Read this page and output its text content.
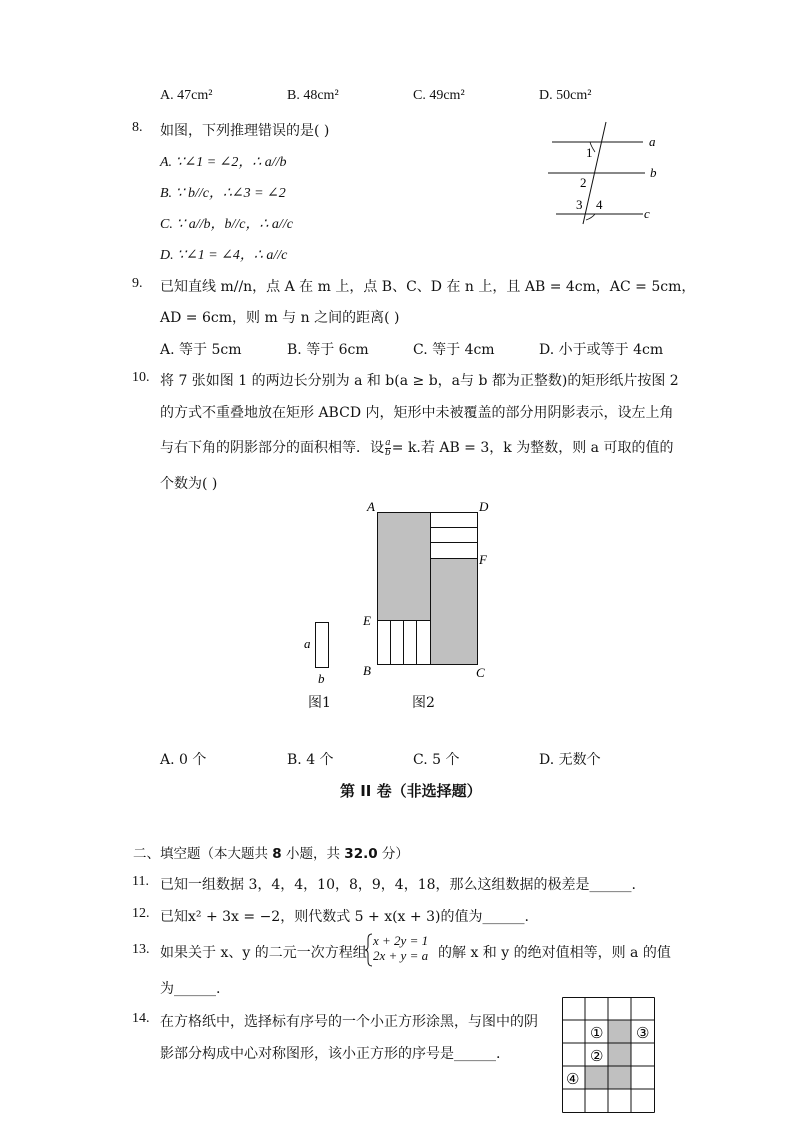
A. 47cm²	B. 48cm²	C. 49cm²	D. 50cm²
8. 如图，下列推理错误的是( )
A. ∵∠1 = ∠2，∴ a//b
B. ∵ b//c，∴∠3 = ∠2
C. ∵ a//b，b//c，∴ a//c
D. ∵∠1 = ∠4，∴ a//c
a
b
c
1
2
3 4
9. 已知直线 m//n，点 A 在 m 上，点 B、C、D 在 n 上，且 AB = 4cm，AC = 5cm，
AD = 6cm，则 m 与 n 之间的距离( )
A. 等于 5cm	B. 等于 6cm	C. 等于 4cm	D. 小于或等于 4cm
10. 将 7 张如图 1 的两边长分别为 a 和 b(a ≥ b，a与 b 都为正整数)的矩形纸片按图 2
的方式不重叠地放在矩形 ABCD 内，矩形中未被覆盖的部分用阴影表示，设左上角
与右下角的阴影部分的面积相等．设 $\frac{a}{b} = k$.若 AB = 3，k 为整数，则 a 可取的值的
个数为( )
a
b
图1
A	D
F
E
B	C
图2
A. 0 个	B. 4 个	C. 5 个	D. 无数个
第 II 卷（非选择题）
二、填空题（本大题共 8 小题，共 32.0 分）
11. 已知一组数据 3，4，4，10，8，9，4，18，那么这组数据的极差是______.
12. 已知x² + 3x = −2，则代数式 5 + x(x + 3)的值为______.
13. 如果关于 x、y 的二元一次方程组
x + 2y = 1
2x + y = a 的解 x 和 y 的绝对值相等，则 a 的值
为______.
14. 在方格纸中，选择标有序号的一个小正方形涂黑，与图中的阴
影部分构成中心对称图形，该小正方形的序号是______.
①
②
③
④
